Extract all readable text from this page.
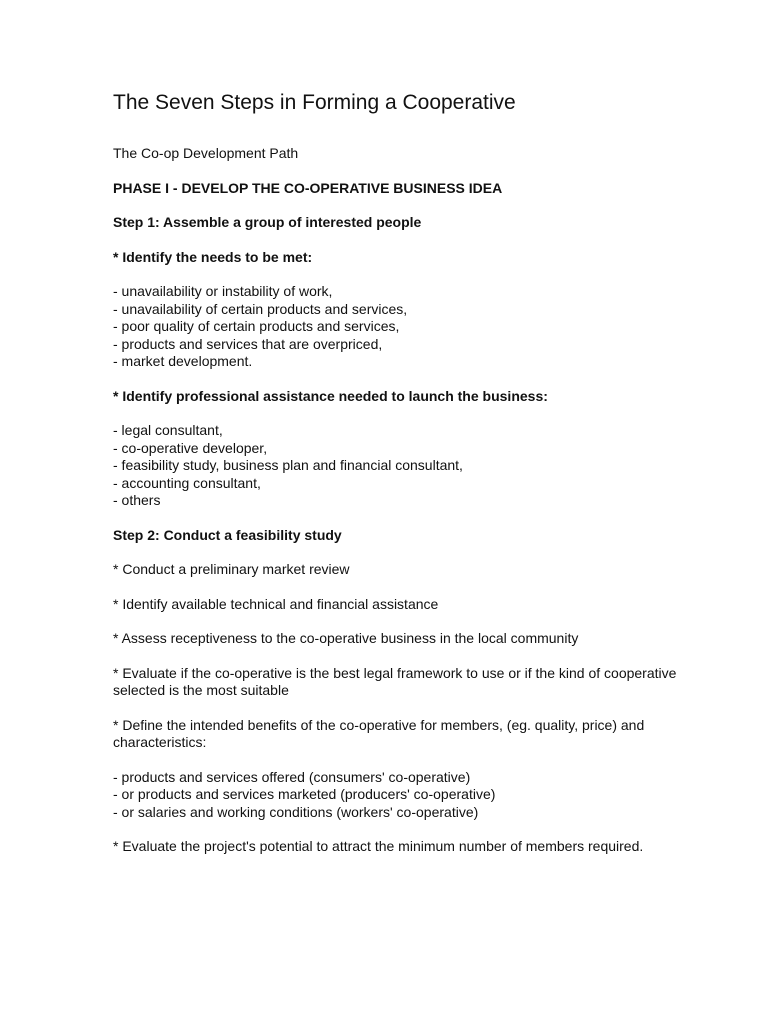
The Seven Steps in Forming a Cooperative

The Co-op Development Path

PHASE I - DEVELOP THE CO-OPERATIVE BUSINESS IDEA

Step 1: Assemble a group of interested people

* Identify the needs to be met:

- unavailability or instability of work,
- unavailability of certain products and services,
- poor quality of certain products and services,
- products and services that are overpriced,
- market development.

* Identify professional assistance needed to launch the business:

- legal consultant,
- co-operative developer,
- feasibility study, business plan and financial consultant,
- accounting consultant,
- others

Step 2: Conduct a feasibility study

* Conduct a preliminary market review

* Identify available technical and financial assistance

* Assess receptiveness to the co-operative business in the local community

* Evaluate if the co-operative is the best legal framework to use or if the kind of cooperative selected is the most suitable

* Define the intended benefits of the co-operative for members, (eg. quality, price) and characteristics:

- products and services offered (consumers' co-operative)
- or products and services marketed (producers' co-operative)
- or salaries and working conditions (workers' co-operative)

* Evaluate the project's potential to attract the minimum number of members required.
